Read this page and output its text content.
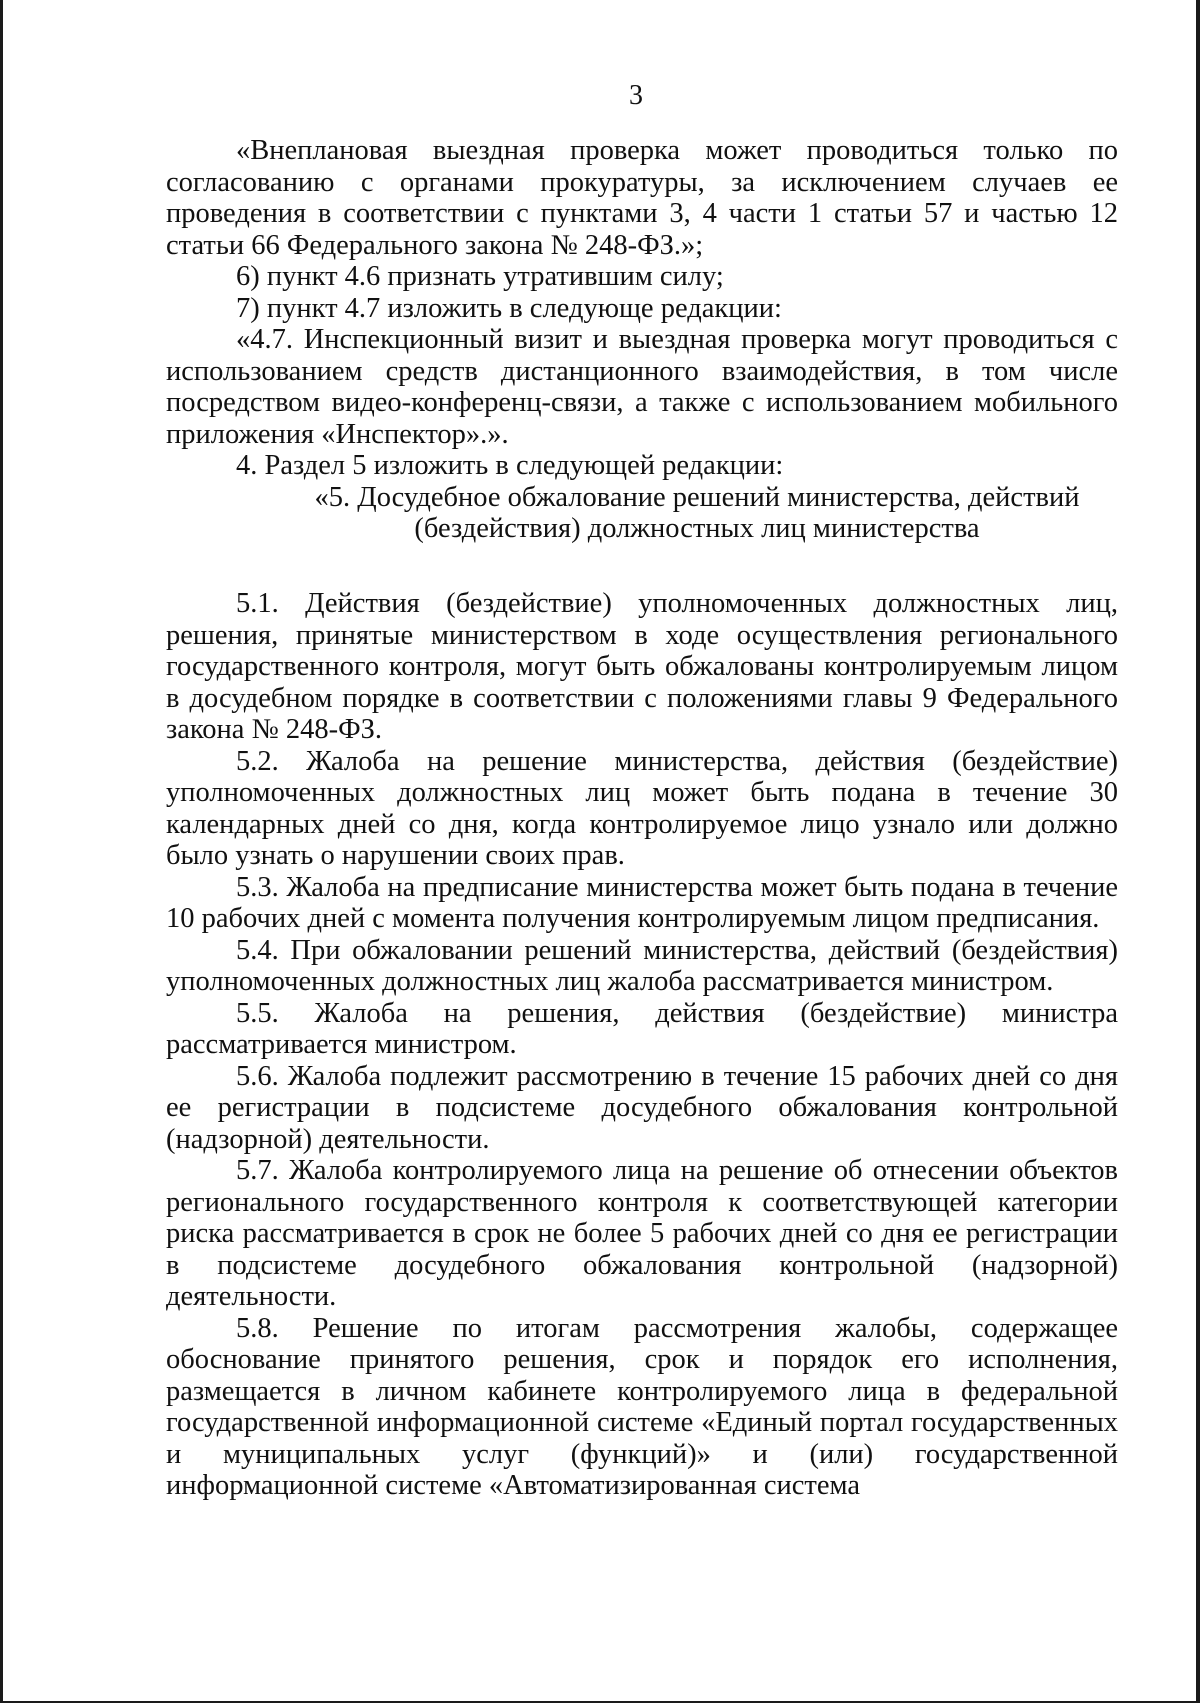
3

«Внеплановая выездная проверка может проводиться только по согласованию с органами прокуратуры, за исключением случаев ее проведения в соответствии с пунктами 3, 4 части 1 статьи 57 и частью 12 статьи 66 Федерального закона № 248-ФЗ.»;

6) пункт 4.6 признать утратившим силу;

7) пункт 4.7 изложить в следующе редакции:

«4.7. Инспекционный визит и выездная проверка могут проводиться с использованием средств дистанционного взаимодействия, в том числе посредством видео-конференц-связи, а также с использованием мобильного приложения «Инспектор».».

4. Раздел 5 изложить в следующей редакции:

«5. Досудебное обжалование решений министерства, действий (бездействия) должностных лиц министерства

5.1. Действия (бездействие) уполномоченных должностных лиц, решения, принятые министерством в ходе осуществления регионального государственного контроля, могут быть обжалованы контролируемым лицом в досудебном порядке в соответствии с положениями главы 9 Федерального закона № 248-ФЗ.

5.2. Жалоба на решение министерства, действия (бездействие) уполномоченных должностных лиц может быть подана в течение 30 календарных дней со дня, когда контролируемое лицо узнало или должно было узнать о нарушении своих прав.

5.3. Жалоба на предписание министерства может быть подана в течение 10 рабочих дней с момента получения контролируемым лицом предписания.

5.4. При обжаловании решений министерства, действий (бездействия) уполномоченных должностных лиц жалоба рассматривается министром.

5.5. Жалоба на решения, действия (бездействие) министра рассматривается министром.

5.6. Жалоба подлежит рассмотрению в течение 15 рабочих дней со дня ее регистрации в подсистеме досудебного обжалования контрольной (надзорной) деятельности.

5.7. Жалоба контролируемого лица на решение об отнесении объектов регионального государственного контроля к соответствующей категории риска рассматривается в срок не более 5 рабочих дней со дня ее регистрации в подсистеме досудебного обжалования контрольной (надзорной) деятельности.

5.8. Решение по итогам рассмотрения жалобы, содержащее обоснование принятого решения, срок и порядок его исполнения, размещается в личном кабинете контролируемого лица в федеральной государственной информационной системе «Единый портал государственных и муниципальных услуг (функций)» и (или) государственной информационной системе «Автоматизированная система
